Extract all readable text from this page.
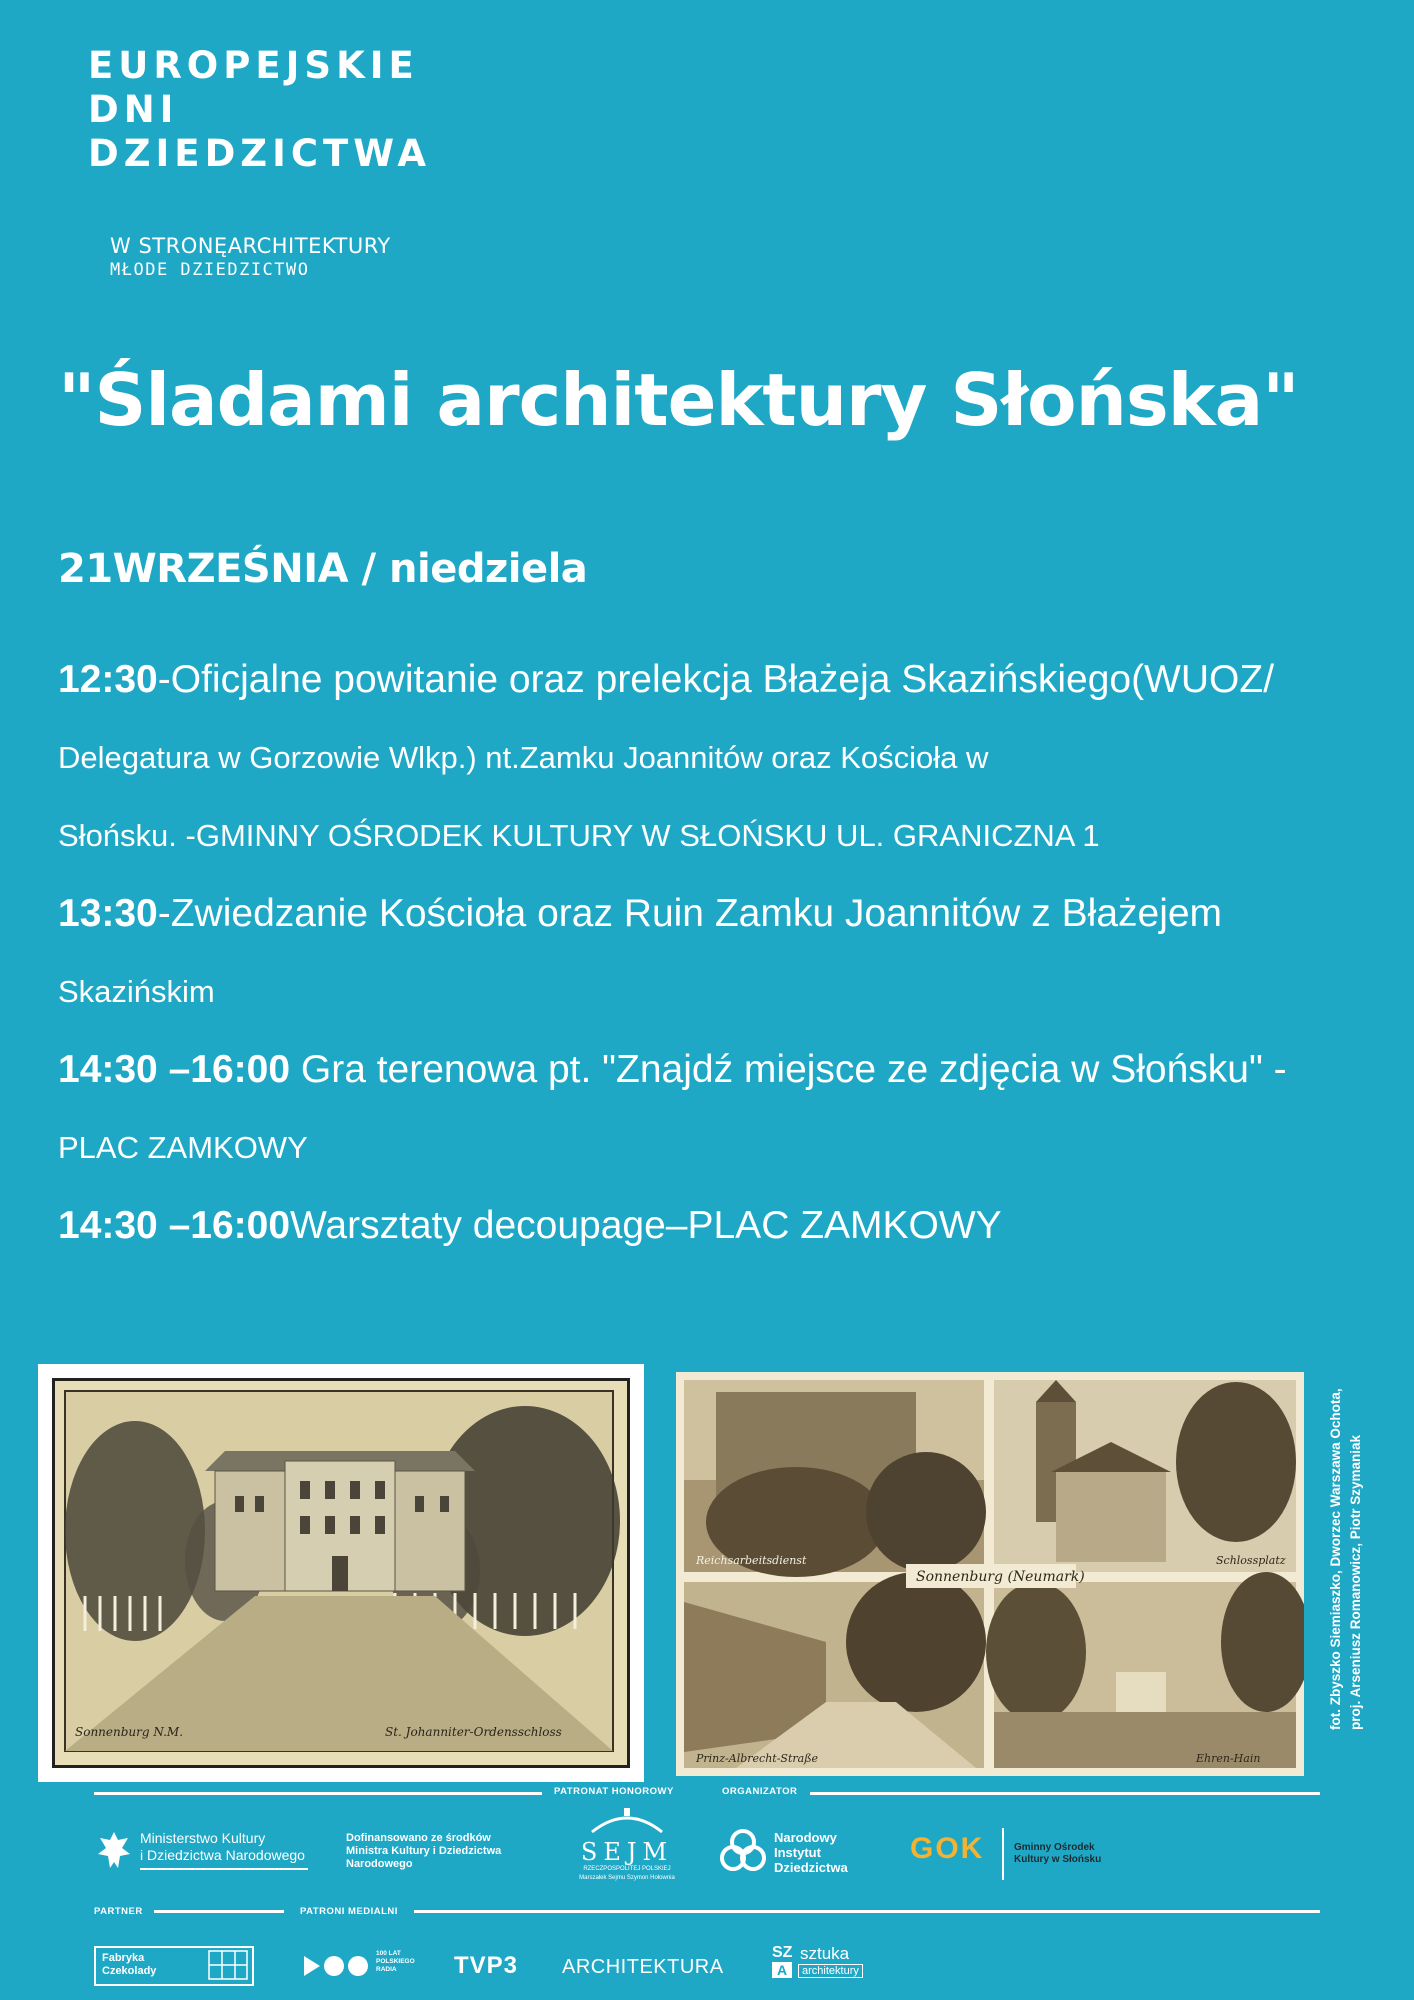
EUROPEJSKIE
DNI
DZIEDZICTWA
W STRONĘARCHITEKTURY
MŁODE DZIEDZICTWO
"Śladami architektury Słońska"
21WRZEŚNIA / niedziela
12:30-Oficjalne powitanie oraz prelekcja Błażeja Skazińskiego(WUOZ/
Delegatura w Gorzowie Wlkp.) nt.Zamku Joannitów oraz Kościoła w
Słońsku. -GMINNY OŚRODEK KULTURY W SŁOŃSKU UL. GRANICZNA 1
13:30-Zwiedzanie Kościoła oraz Ruin Zamku Joannitów z Błażejem
Skazińskim
14:30 –16:00 Gra terenowa pt. "Znajdź miejsce ze zdjęcia w Słońsku" -
PLAC ZAMKOWY
14:30 –16:00Warsztaty decoupage–PLAC ZAMKOWY
Sonnenburg N.M.	St. Johanniter-Ordensschloss
Reichsarbeitsdienst	Schlossplatz
Prinz-Albrecht-Straße	Ehren-Hain
Sonnenburg (Neumark)	fot. Zbyszko Siemiaszko, Dworzec Warszawa Ochota, proj. Arseniusz Romanowicz, Piotr Szymaniak
PATRONAT HONOROWY	ORGANIZATOR
Ministerstwo Kultury
i Dziedzictwa Narodowego
Dofinansowano ze środków
Ministra Kultury i Dziedzictwa
Narodowego	SEJM
RZECZPOSPOLITEJ POLSKIEJ
Marszałek Sejmu Szymon Hołownia
Narodowy
Instytut
Dziedzictwa
GOK	Gminny Ośrodek
Kultury w Słońsku
PARTNER	PATRONI MEDIALNI
Fabryka
Czekolady
100 LAT
POLSKIEGO
RADIA	TVP3 ARCHITEKTURA
SZ
A
sztuka
architektury
